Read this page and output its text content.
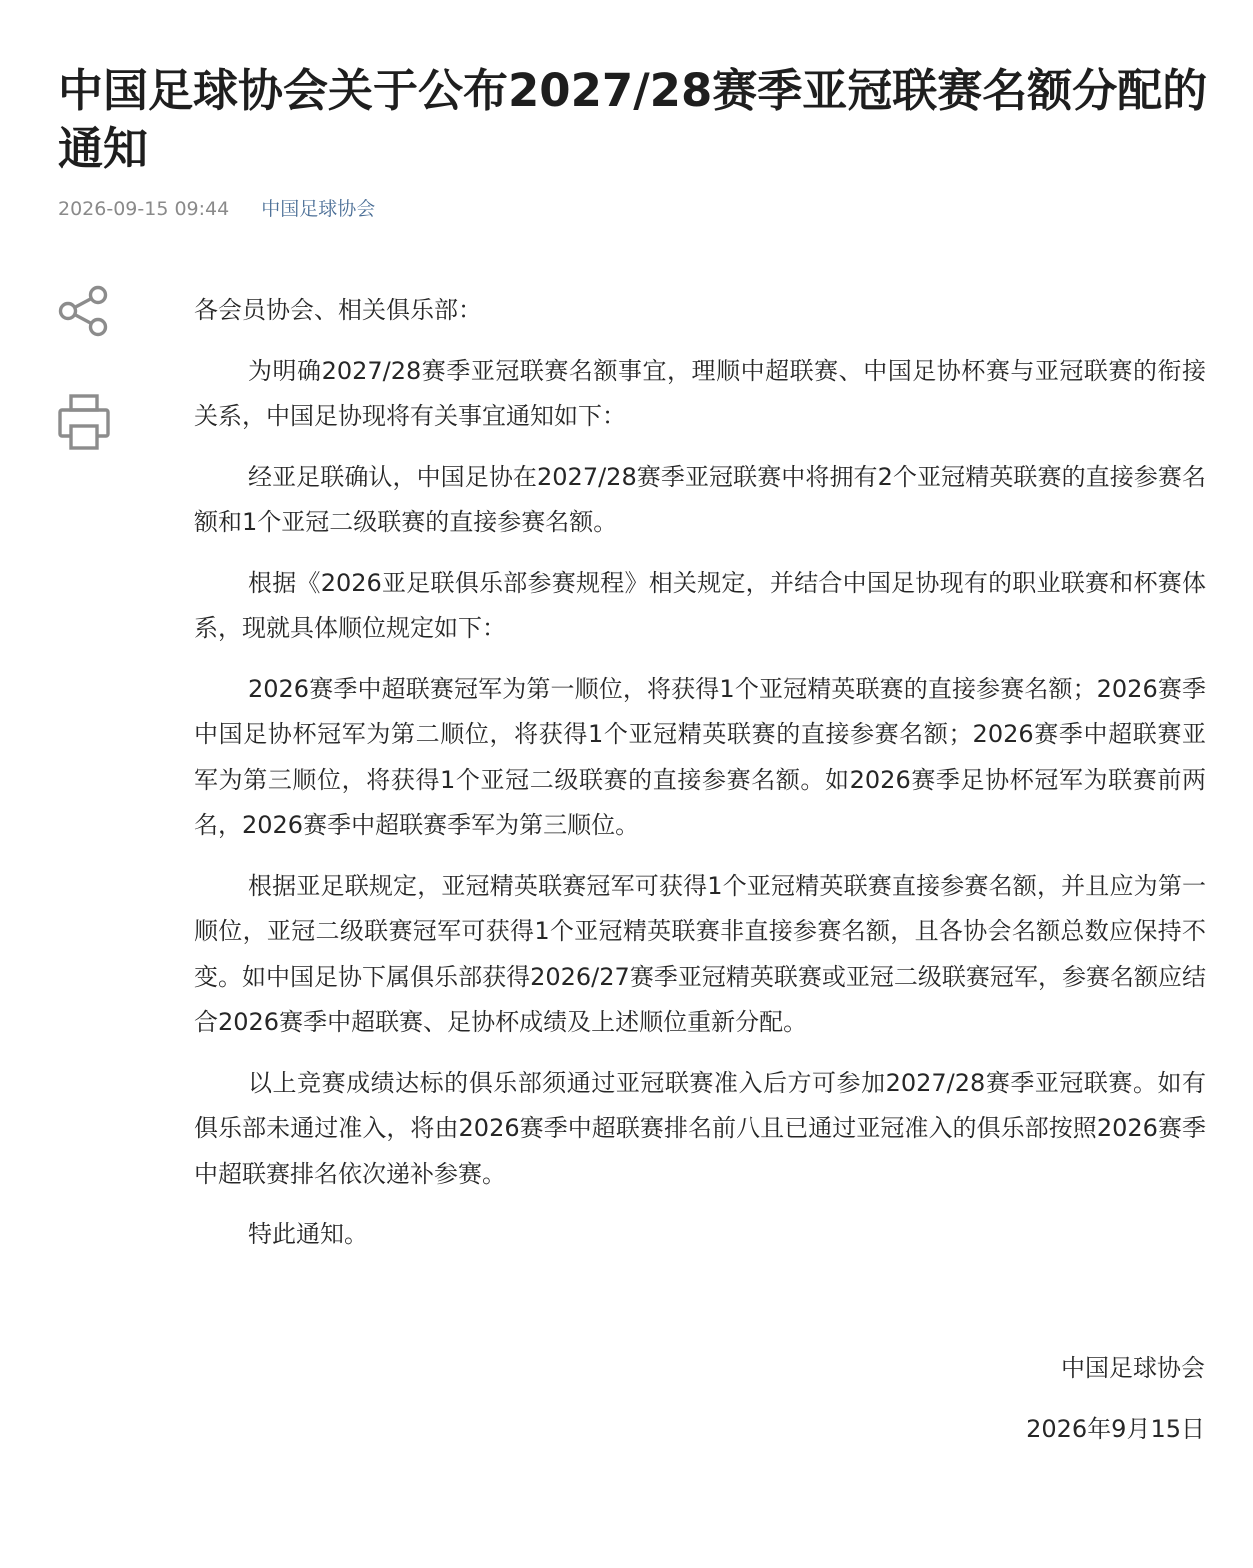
中国足球协会关于公布2027/28赛季亚冠联赛名额分配的通知
2026-09-15 09:44 中国足球协会

各会员协会、相关俱乐部：

为明确2027/28赛季亚冠联赛名额事宜，理顺中超联赛、中国足协杯赛与亚冠联赛的衔接关系，中国足协现将有关事宜通知如下：

经亚足联确认，中国足协在2027/28赛季亚冠联赛中将拥有2个亚冠精英联赛的直接参赛名额和1个亚冠二级联赛的直接参赛名额。

根据《2026亚足联俱乐部参赛规程》相关规定，并结合中国足协现有的职业联赛和杯赛体系，现就具体顺位规定如下：

2026赛季中超联赛冠军为第一顺位，将获得1个亚冠精英联赛的直接参赛名额；2026赛季中国足协杯冠军为第二顺位，将获得1个亚冠精英联赛的直接参赛名额；2026赛季中超联赛亚军为第三顺位，将获得1个亚冠二级联赛的直接参赛名额。如2026赛季足协杯冠军为联赛前两名，2026赛季中超联赛季军为第三顺位。

根据亚足联规定，亚冠精英联赛冠军可获得1个亚冠精英联赛直接参赛名额，并且应为第一顺位，亚冠二级联赛冠军可获得1个亚冠精英联赛非直接参赛名额，且各协会名额总数应保持不变。如中国足协下属俱乐部获得2026/27赛季亚冠精英联赛或亚冠二级联赛冠军，参赛名额应结合2026赛季中超联赛、足协杯成绩及上述顺位重新分配。

以上竞赛成绩达标的俱乐部须通过亚冠联赛准入后方可参加2027/28赛季亚冠联赛。如有俱乐部未通过准入，将由2026赛季中超联赛排名前八且已通过亚冠准入的俱乐部按照2026赛季中超联赛排名依次递补参赛。

特此通知。

中国足球协会
2026年9月15日
